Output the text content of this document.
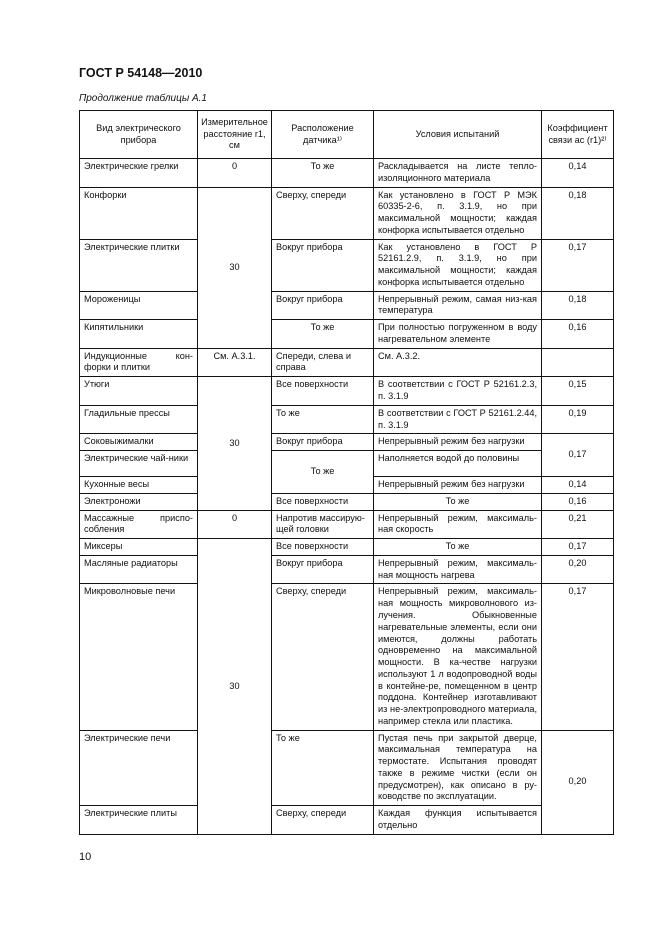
ГОСТ Р 54148—2010
Продолжение таблицы А.1
Вид электрического прибора	Измерительное расстояние r1, см	Расположение датчика¹⁾	Условия испытаний	Коэффициент связи ac (r1)²⁾
Электрические грелки	0	То же	Раскладывается на листе тепло-изоляционного материала	0,14
Конфорки	30	Сверху, спереди	Как установлено в ГОСТ Р МЭК 60335-2-6, п. 3.1.9, но при максимальной мощности; каждая конфорка испытывается отдельно	0,18
Электрические плитки		Вокруг прибора	Как установлено в ГОСТ Р 52161.2.9, п. 3.1.9, но при максимальной мощности; каждая конфорка испытывается отдельно	0,17
Мороженицы		Вокруг прибора	Непрерывный режим, самая низ-кая температура	0,18
Кипятильники		То же	При полностью погруженном в воду нагревательном элементе	0,16
Индукционные кон-форки и плитки	См. А.3.1.	Спереди, слева и справа	См. А.3.2.	
Утюги	30	Все поверхности	В соответствии с ГОСТ Р 52161.2.3, п. 3.1.9	0,15
Гладильные прессы		То же	В соответствии с ГОСТ Р 52161.2.44, п. 3.1.9	0,19
Соковыжималки		Вокруг прибора	Непрерывный режим без нагрузки	0,17
Электрические чай-ники		То же	Наполняется водой до половины	
Кухонные весы			Непрерывный режим без нагрузки	0,14
Электроножи		Все поверхности	То же	0,16
Массажные приспо-собления	0	Напротив массирую-щей головки	Непрерывный режим, максималь-ная скорость	0,21
Миксеры	30	Все поверхности	То же	0,17
Масляные радиаторы		Вокруг прибора	Непрерывный режим, максималь-ная мощность нагрева	0,20
Микроволновые печи		Сверху, спереди	Непрерывный режим, максималь-ная мощность микроволнового из-лучения. Обыкновенные нагревательные элементы, если они имеются, должны работать одновременно на максимальной мощности. В ка-честве нагрузки используют 1 л водопроводной воды в контейне-ре, помещенном в центр поддона. Контейнер изготавливают из не-электропроводного материала, например стекла или пластика.	0,17
Электрические печи		То же	Пустая печь при закрытой дверце, максимальная температура на термостате. Испытания проводят также в режиме чистки (если он предусмотрен), как описано в ру-ководстве по эксплуатации.	0,20
Электрические плиты		Сверху, спереди	Каждая функция испытывается отдельно	
10
